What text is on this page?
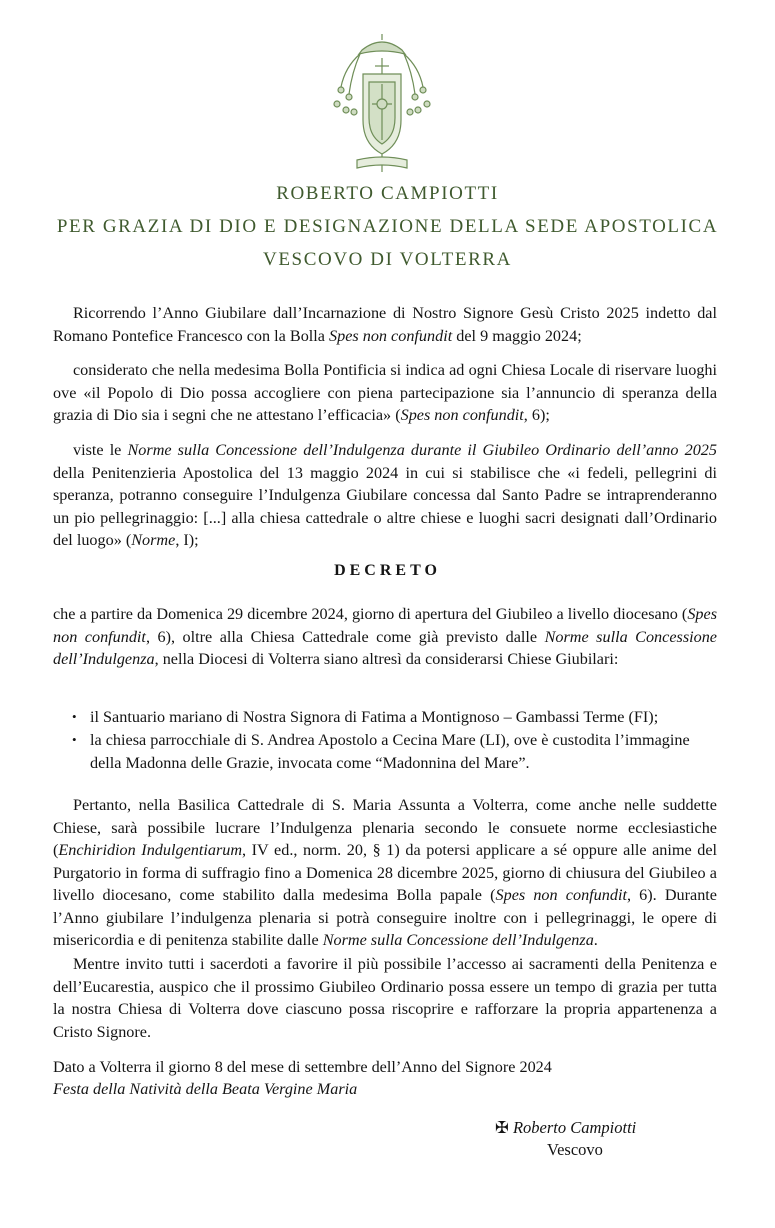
ROBERTO CAMPIOTTI
PER GRAZIA DI DIO E DESIGNAZIONE DELLA SEDE APOSTOLICA
VESCOVO DI VOLTERRA
Ricorrendo l’Anno Giubilare dall’Incarnazione di Nostro Signore Gesù Cristo 2025 indetto dal Romano Pontefice Francesco con la Bolla Spes non confundit del 9 maggio 2024;
considerato che nella medesima Bolla Pontificia si indica ad ogni Chiesa Locale di riservare luoghi ove «il Popolo di Dio possa accogliere con piena partecipazione sia l’annuncio di speranza della grazia di Dio sia i segni che ne attestano l’efficacia» (Spes non confundit, 6);
viste le Norme sulla Concessione dell’Indulgenza durante il Giubileo Ordinario dell’anno 2025 della Penitenzieria Apostolica del 13 maggio 2024 in cui si stabilisce che «i fedeli, pellegrini di speranza, potranno conseguire l’Indulgenza Giubilare concessa dal Santo Padre se intraprenderanno un pio pellegrinaggio: [...] alla chiesa cattedrale o altre chiese e luoghi sacri designati dall’Ordinario del luogo» (Norme, I);
DECRETO
che a partire da Domenica 29 dicembre 2024, giorno di apertura del Giubileo a livello diocesano (Spes non confundit, 6), oltre alla Chiesa Cattedrale come già previsto dalle Norme sulla Concessione dell’Indulgenza, nella Diocesi di Volterra siano altresì da considerarsi Chiese Giubilari:
• il Santuario mariano di Nostra Signora di Fatima a Montignoso – Gambassi Terme (FI);
• la chiesa parrocchiale di S. Andrea Apostolo a Cecina Mare (LI), ove è custodita l’immagine della Madonna delle Grazie, invocata come “Madonnina del Mare”.
Pertanto, nella Basilica Cattedrale di S. Maria Assunta a Volterra, come anche nelle suddette Chiese, sarà possibile lucrare l’Indulgenza plenaria secondo le consuete norme ecclesiastiche (Enchiridion Indulgentiarum, IV ed., norm. 20, § 1) da potersi applicare a sé oppure alle anime del Purgatorio in forma di suffragio fino a Domenica 28 dicembre 2025, giorno di chiusura del Giubileo a livello diocesano, come stabilito dalla medesima Bolla papale (Spes non confundit, 6). Durante l’Anno giubilare l’indulgenza plenaria si potrà conseguire inoltre con i pellegrinaggi, le opere di misericordia e di penitenza stabilite dalle Norme sulla Concessione dell’Indulgenza.
Mentre invito tutti i sacerdoti a favorire il più possibile l’accesso ai sacramenti della Penitenza e dell’Eucarestia, auspico che il prossimo Giubileo Ordinario possa essere un tempo di grazia per tutta la nostra Chiesa di Volterra dove ciascuno possa riscoprire e rafforzare la propria appartenenza a Cristo Signore.
Dato a Volterra il giorno 8 del mese di settembre dell’Anno del Signore 2024
Festa della Natività della Beata Vergine Maria
✠ Roberto Campiotti
Vescovo
